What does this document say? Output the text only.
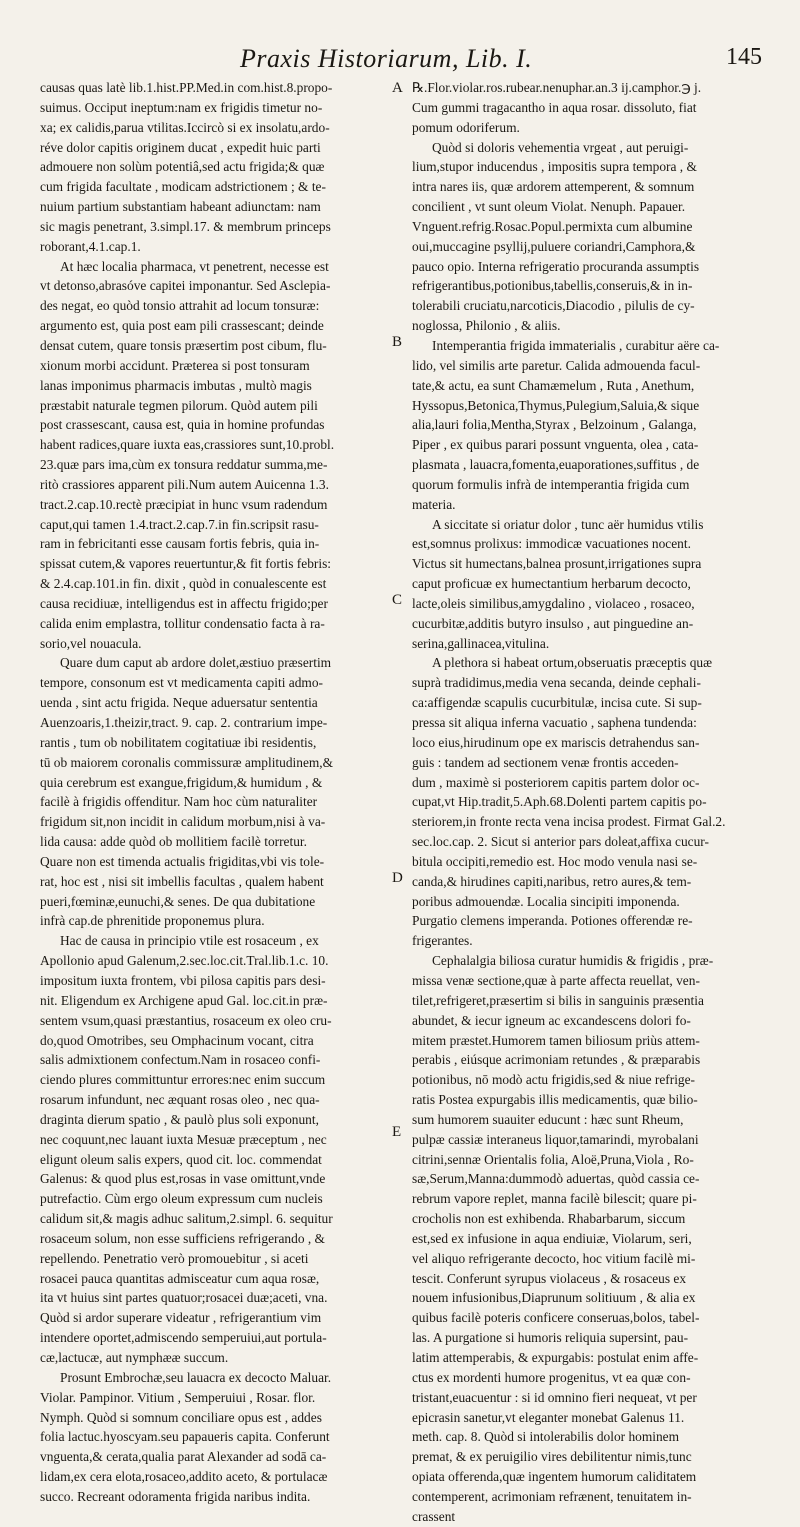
Praxis Historiarum, Lib. I.	145
A
B
C
D
E

causas quas latè lib.1.hist.PP.Med.in com.hist.8.propo-

suimus. Occiput ineptum:nam ex frigidis timetur no-

xa; ex calidis,parua vtilitas.Iccircò si ex insolatu,ardo-

réve dolor capitis originem ducat , expedit huic parti

admouere non solùm potentiâ,sed actu frigida;& quæ

cum frigida facultate , modicam adstrictionem ; & te-

nuium partium substantiam habeant adiunctam: nam

sic magis penetrant, 3.simpl.17. & membrum princeps

roborant,4.1.cap.1.

At hæc localia pharmaca, vt penetrent, necesse est

vt detonso,abrasóve capitei imponantur. Sed Asclepia-

des negat, eo quòd tonsio attrahit ad locum tonsuræ:

argumento est, quia post eam pili crassescant; deinde

densat cutem, quare tonsis præsertim post cibum, flu-

xionum morbi accidunt. Præterea si post tonsuram

lanas imponimus pharmacis imbutas , multò magis

præstabit naturale tegmen pilorum. Quòd autem pili

post crassescant, causa est, quia in homine profundas

habent radices,quare iuxta eas,crassiores sunt,10.probl.

23.quæ pars ima,cùm ex tonsura reddatur summa,me-

ritò crassiores apparent pili.Num autem Auicenna 1.3.

tract.2.cap.10.rectè præcipiat in hunc vsum radendum

caput,qui tamen 1.4.tract.2.cap.7.in fin.scripsit rasu-

ram in febricitanti esse causam fortis febris, quia in-

spissat cutem,& vapores reuertuntur,& fit fortis febris:

& 2.4.cap.101.in fin. dixit , quòd in conualescente est

causa recidiuæ, intelligendus est in affectu frigido;per

calida enim emplastra, tollitur condensatio facta à ra-

sorio,vel nouacula.

Quare dum caput ab ardore dolet,æstiuo præsertim

tempore, consonum est vt medicamenta capiti admo-

uenda , sint actu frigida. Neque aduersatur sententia

Auenzoaris,1.theizir,tract. 9. cap. 2. contrarium impe-

rantis , tum ob nobilitatem cogitatiuæ ibi residentis,

tū ob maiorem coronalis commissuræ amplitudinem,&

quia cerebrum est exangue,frigidum,& humidum , &

facilè à frigidis offenditur. Nam hoc cùm naturaliter

frigidum sit,non incidit in calidum morbum,nisi à va-

lida causa: adde quòd ob mollitiem facilè torretur.

Quare non est timenda actualis frigiditas,vbi vis tole-

rat, hoc est , nisi sit imbellis facultas , qualem habent

pueri,fœminæ,eunuchi,& senes. De qua dubitatione

infrà cap.de phrenitide proponemus plura.

Hac de causa in principio vtile est rosaceum , ex

Apollonio apud Galenum,2.sec.loc.cit.Tral.lib.1.c. 10.

impositum iuxta frontem, vbi pilosa capitis pars desi-

nit. Eligendum ex Archigene apud Gal. loc.cit.in præ-

sentem vsum,quasi præstantius, rosaceum ex oleo cru-

do,quod Omotribes, seu Omphacinum vocant, citra

salis admixtionem confectum.Nam in rosaceo confi-

ciendo plures committuntur errores:nec enim succum

rosarum infundunt, nec æquant rosas oleo , nec qua-

draginta dierum spatio , & paulò plus soli exponunt,

nec coquunt,nec lauant iuxta Mesuæ præceptum , nec

eligunt oleum salis expers, quod cit. loc. commendat

Galenus: & quod plus est,rosas in vase omittunt,vnde

putrefactio. Cùm ergo oleum expressum cum nucleis

calidum sit,& magis adhuc salitum,2.simpl. 6. sequitur

rosaceum solum, non esse sufficiens refrigerando , &

repellendo. Penetratio verò promouebitur , si aceti

rosacei pauca quantitas admisceatur cum aqua rosæ,

ita vt huius sint partes quatuor;rosacei duæ;aceti, vna.

Quòd si ardor superare videatur , refrigerantium vim

intendere oportet,admiscendo semperuiui,aut portula-

cæ,lactucæ, aut nymphææ succum.

Prosunt Embrochæ,seu lauacra ex decocto Maluar.

Violar. Pampinor. Vitium , Semperuiui , Rosar. flor.

Nymph. Quòd si somnum conciliare opus est , addes

folia lactuc.hyoscyam.seu papaueris capita. Conferunt

vnguenta,& cerata,qualia parat Alexander ad sodā ca-

lidam,ex cera elota,rosaceo,addito aceto, & portulacæ

succo. Recreant odoramenta frigida naribus indita.

℞.Flor.violar.ros.rubear.nenuphar.an.3 ij.camphor.℈ j.

Cum gummi tragacantho in aqua rosar. dissoluto, fiat

pomum odoriferum.

Quòd si doloris vehementia vrgeat , aut peruigi-

lium,stupor inducendus , impositis supra tempora , &

intra nares iis, quæ ardorem attemperent, & somnum

concilient , vt sunt oleum Violat. Nenuph. Papauer.

Vnguent.refrig.Rosac.Popul.permixta cum albumine

oui,muccagine psyllij,puluere coriandri,Camphora,&

pauco opio. Interna refrigeratio procuranda assumptis

refrigerantibus,potionibus,tabellis,conseruis,& in in-

tolerabili cruciatu,narcoticis,Diacodio , pilulis de cy-

noglossa, Philonio , & aliis.

Intemperantia frigida immaterialis , curabitur aëre ca-

lido, vel similis arte paretur. Calida admouenda facul-

tate,& actu, ea sunt Chamæmelum , Ruta , Anethum,

Hyssopus,Betonica,Thymus,Pulegium,Saluia,& sique

alia,lauri folia,Mentha,Styrax , Belzoinum , Galanga,

Piper , ex quibus parari possunt vnguenta, olea , cata-

plasmata , lauacra,fomenta,euaporationes,suffitus , de

quorum formulis infrà de intemperantia frigida cum

materia.

A siccitate si oriatur dolor , tunc aër humidus vtilis

est,somnus prolixus: immodicæ vacuationes nocent.

Victus sit humectans,balnea prosunt,irrigationes supra

caput proficuæ ex humectantium herbarum decocto,

lacte,oleis similibus,amygdalino , violaceo , rosaceo,

cucurbitæ,additis butyro insulso , aut pinguedine an-

serina,gallinacea,vitulina.

A plethora si habeat ortum,obseruatis præceptis quæ

suprà tradidimus,media vena secanda, deinde cephali-

ca:affigendæ scapulis cucurbitulæ, incisa cute. Si sup-

pressa sit aliqua inferna vacuatio , saphena tundenda:

loco eius,hirudinum ope ex mariscis detrahendus san-

guis : tandem ad sectionem venæ frontis acceden-

dum , maximè si posteriorem capitis partem dolor oc-

cupat,vt Hip.tradit,5.Aph.68.Dolenti partem capitis po-

steriorem,in fronte recta vena incisa prodest. Firmat Gal.2.

sec.loc.cap. 2. Sicut si anterior pars doleat,affixa cucur-

bitula occipiti,remedio est. Hoc modo venula nasi se-

canda,& hirudines capiti,naribus, retro aures,& tem-

poribus admouendæ. Localia sincipiti imponenda.

Purgatio clemens imperanda. Potiones offerendæ re-

frigerantes.

Cephalalgia biliosa curatur humidis & frigidis , præ-

missa venæ sectione,quæ à parte affecta reuellat, ven-

tilet,refrigeret,præsertim si bilis in sanguinis præsentia

abundet, & iecur igneum ac excandescens dolori fo-

mitem præstet.Humorem tamen biliosum priùs attem-

perabis , eiúsque acrimoniam retundes , & præparabis

potionibus, nō modò actu frigidis,sed & niue refrige-

ratis Postea expurgabis illis medicamentis, quæ bilio-

sum humorem suauiter educunt : hæc sunt Rheum,

pulpæ cassiæ interaneus liquor,tamarindi, myrobalani

citrini,sennæ Orientalis folia, Aloë,Pruna,Viola , Ro-

sæ,Serum,Manna:dummodò aduertas, quòd cassia ce-

rebrum vapore replet, manna facilè bilescit; quare pi-

crocholis non est exhibenda. Rhabarbarum, siccum

est,sed ex infusione in aqua endiuiæ, Violarum, seri,

vel aliquo refrigerante decocto, hoc vitium facilè mi-

tescit. Conferunt syrupus violaceus , & rosaceus ex

nouem infusionibus,Diaprunum solitiuum , & alia ex

quibus facilè poteris conficere conseruas,bolos, tabel-

las. A purgatione si humoris reliquia supersint, pau-

latim attemperabis, & expurgabis: postulat enim affe-

ctus ex mordenti humore progenitus, vt ea quæ con-

tristant,euacuentur : si id omnino fieri nequeat, vt per

epicrasin sanetur,vt eleganter monebat Galenus 11.

meth. cap. 8. Quòd si intolerabilis dolor hominem

premat, & ex peruigilio vires debilitentur nimis,tunc

opiata offerenda,quæ ingentem humorum caliditatem

contemperent, acrimoniam refrænent, tenuitatem in-

crassent
